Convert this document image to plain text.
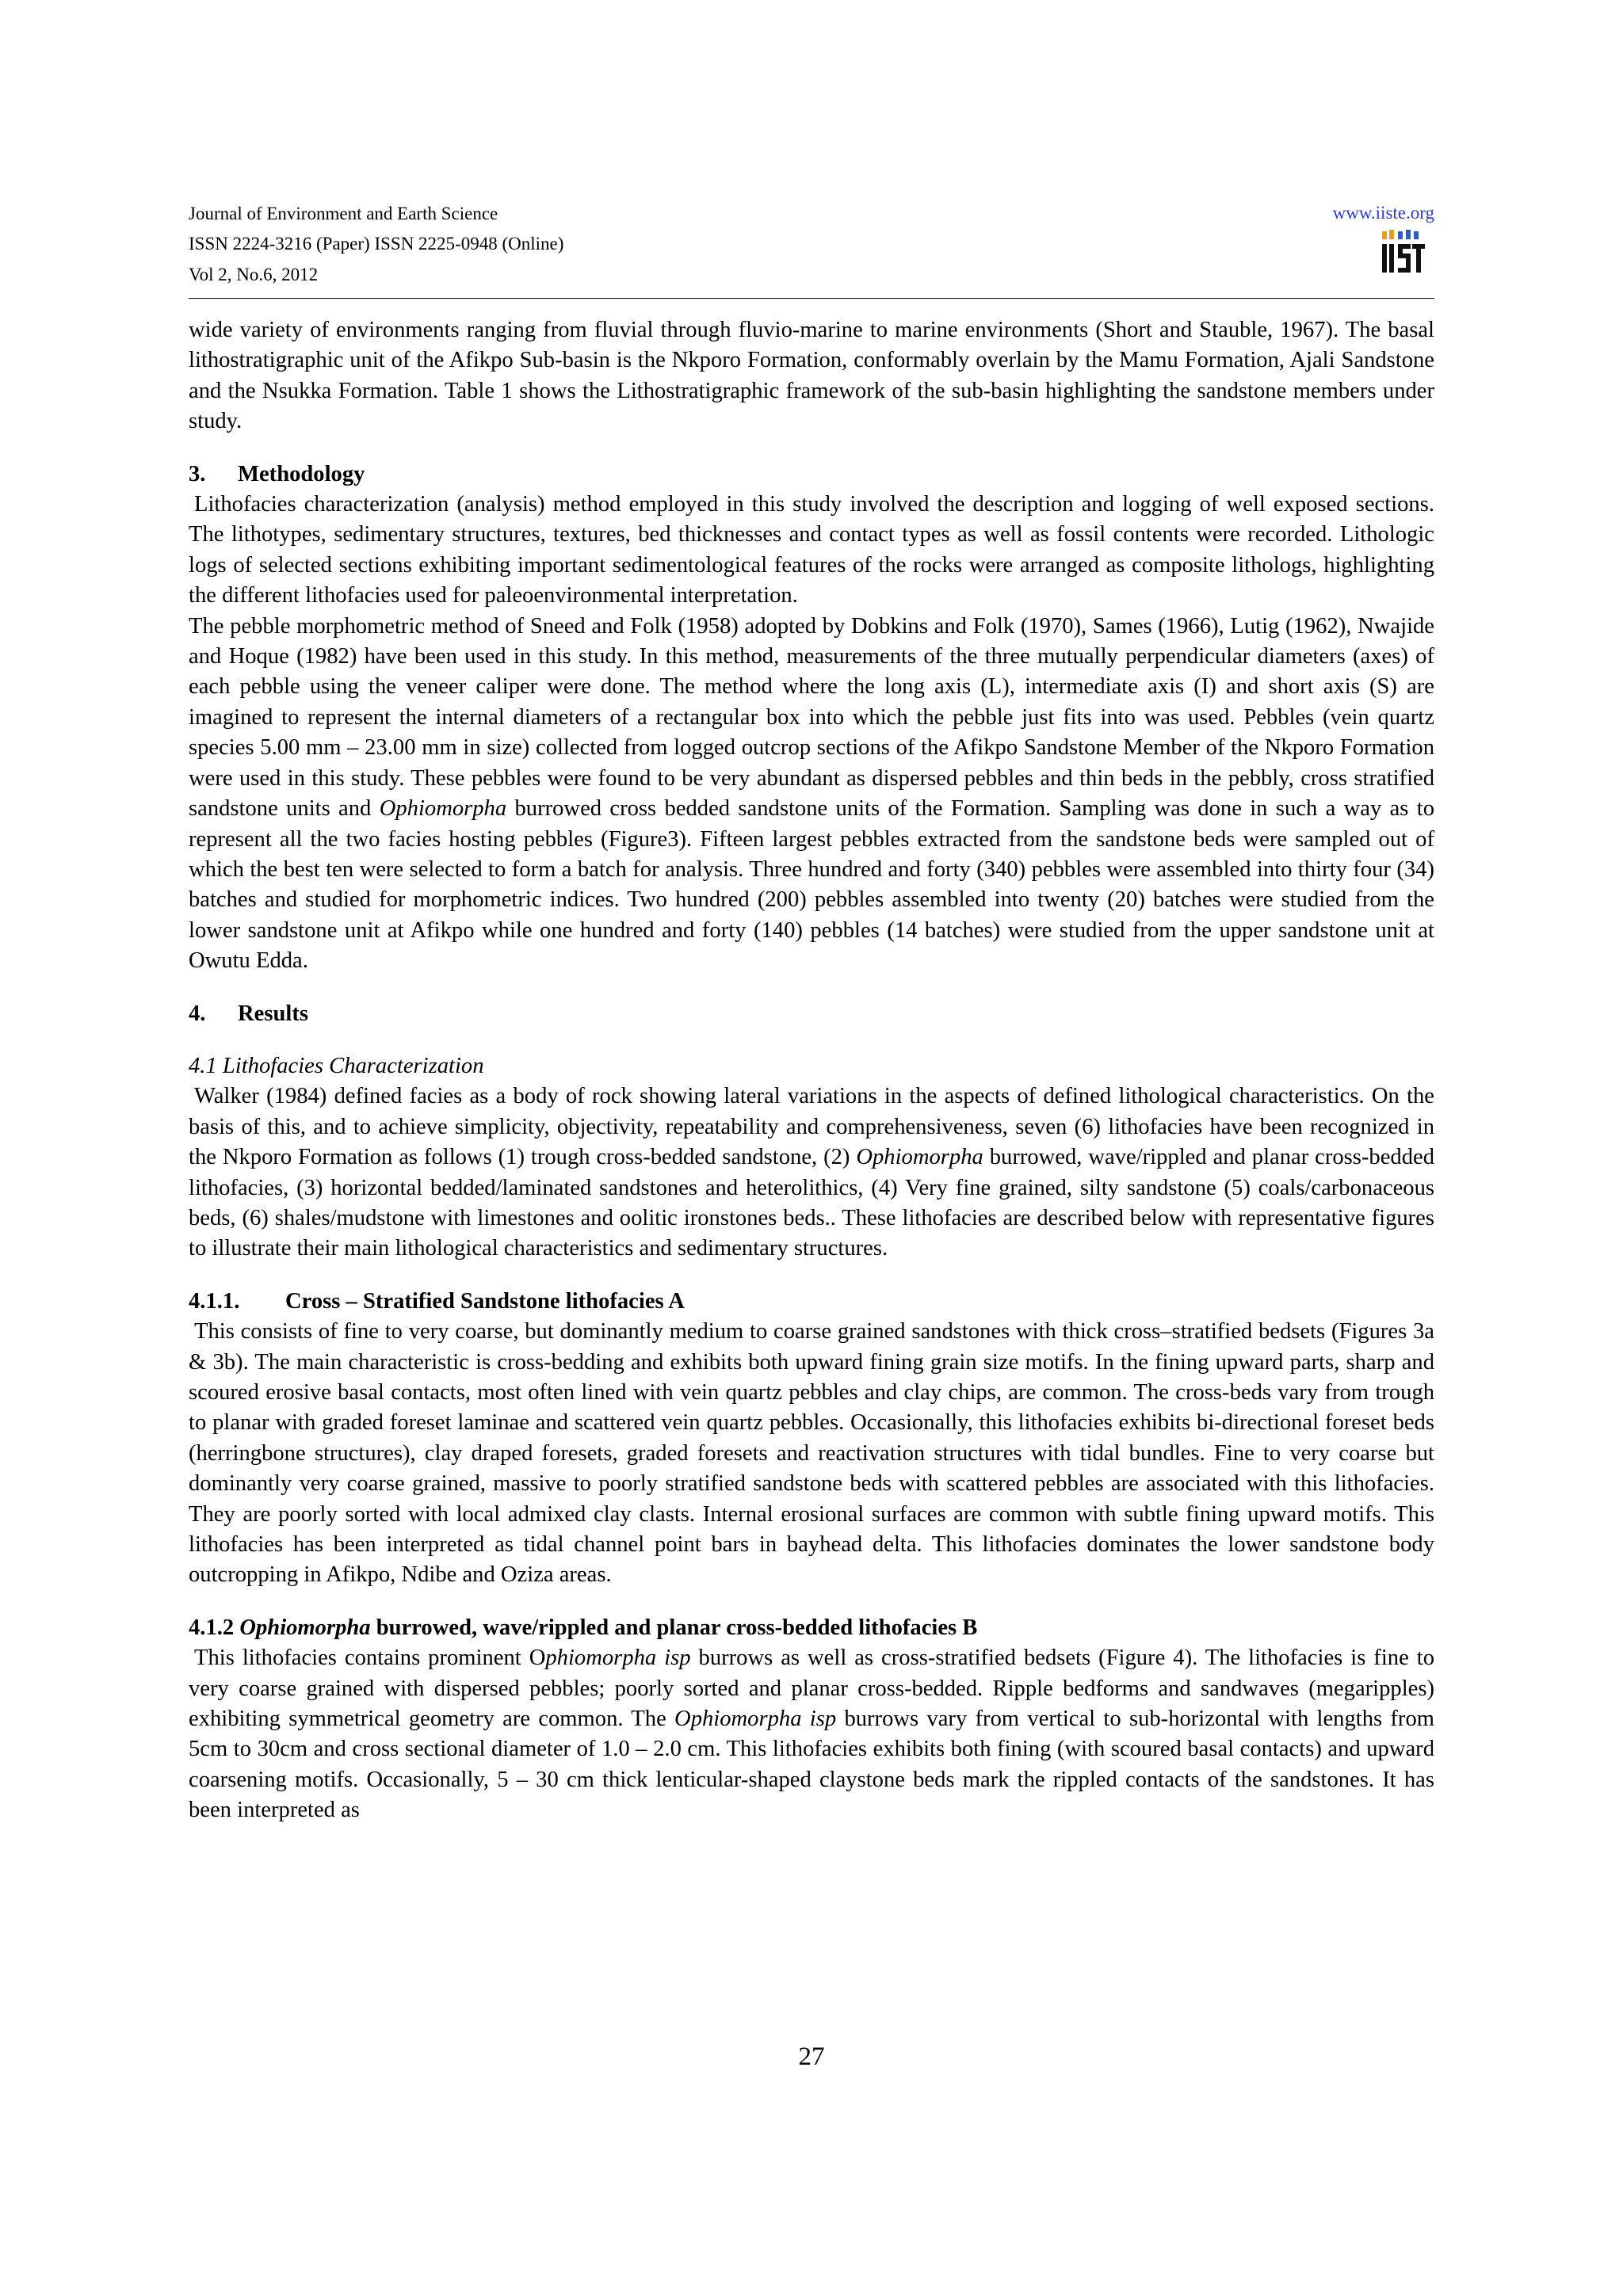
Journal of Environment and Earth Science
ISSN 2224-3216 (Paper) ISSN 2225-0948 (Online)
Vol 2, No.6, 2012
www.iiste.org

wide variety of environments ranging from fluvial through fluvio-marine to marine environments (Short and Stauble, 1967). The basal lithostratigraphic unit of the Afikpo Sub-basin is the Nkporo Formation, conformably overlain by the Mamu Formation, Ajali Sandstone and the Nsukka Formation. Table 1 shows the Lithostratigraphic framework of the sub-basin highlighting the sandstone members under study.

3. Methodology

Lithofacies characterization (analysis) method employed in this study involved the description and logging of well exposed sections. The lithotypes, sedimentary structures, textures, bed thicknesses and contact types as well as fossil contents were recorded. Lithologic logs of selected sections exhibiting important sedimentological features of the rocks were arranged as composite lithologs, highlighting the different lithofacies used for paleoenvironmental interpretation.

The pebble morphometric method of Sneed and Folk (1958) adopted by Dobkins and Folk (1970), Sames (1966), Lutig (1962), Nwajide and Hoque (1982) have been used in this study. In this method, measurements of the three mutually perpendicular diameters (axes) of each pebble using the veneer caliper were done. The method where the long axis (L), intermediate axis (I) and short axis (S) are imagined to represent the internal diameters of a rectangular box into which the pebble just fits into was used. Pebbles (vein quartz species 5.00 mm – 23.00 mm in size) collected from logged outcrop sections of the Afikpo Sandstone Member of the Nkporo Formation were used in this study. These pebbles were found to be very abundant as dispersed pebbles and thin beds in the pebbly, cross stratified sandstone units and Ophiomorpha burrowed cross bedded sandstone units of the Formation. Sampling was done in such a way as to represent all the two facies hosting pebbles (Figure3). Fifteen largest pebbles extracted from the sandstone beds were sampled out of which the best ten were selected to form a batch for analysis. Three hundred and forty (340) pebbles were assembled into thirty four (34) batches and studied for morphometric indices. Two hundred (200) pebbles assembled into twenty (20) batches were studied from the lower sandstone unit at Afikpo while one hundred and forty (140) pebbles (14 batches) were studied from the upper sandstone unit at Owutu Edda.

4. Results

4.1 Lithofacies Characterization

Walker (1984) defined facies as a body of rock showing lateral variations in the aspects of defined lithological characteristics. On the basis of this, and to achieve simplicity, objectivity, repeatability and comprehensiveness, seven (6) lithofacies have been recognized in the Nkporo Formation as follows (1) trough cross-bedded sandstone, (2) Ophiomorpha burrowed, wave/rippled and planar cross-bedded lithofacies, (3) horizontal bedded/laminated sandstones and heterolithics, (4) Very fine grained, silty sandstone (5) coals/carbonaceous beds, (6) shales/mudstone with limestones and oolitic ironstones beds.. These lithofacies are described below with representative figures to illustrate their main lithological characteristics and sedimentary structures.

4.1.1. Cross – Stratified Sandstone lithofacies A

This consists of fine to very coarse, but dominantly medium to coarse grained sandstones with thick cross–stratified bedsets (Figures 3a & 3b). The main characteristic is cross-bedding and exhibits both upward fining grain size motifs. In the fining upward parts, sharp and scoured erosive basal contacts, most often lined with vein quartz pebbles and clay chips, are common. The cross-beds vary from trough to planar with graded foreset laminae and scattered vein quartz pebbles. Occasionally, this lithofacies exhibits bi-directional foreset beds (herringbone structures), clay draped foresets, graded foresets and reactivation structures with tidal bundles. Fine to very coarse but dominantly very coarse grained, massive to poorly stratified sandstone beds with scattered pebbles are associated with this lithofacies. They are poorly sorted with local admixed clay clasts. Internal erosional surfaces are common with subtle fining upward motifs. This lithofacies has been interpreted as tidal channel point bars in bayhead delta. This lithofacies dominates the lower sandstone body outcropping in Afikpo, Ndibe and Oziza areas.

4.1.2 Ophiomorpha burrowed, wave/rippled and planar cross-bedded lithofacies B

This lithofacies contains prominent Ophiomorpha isp burrows as well as cross-stratified bedsets (Figure 4). The lithofacies is fine to very coarse grained with dispersed pebbles; poorly sorted and planar cross-bedded. Ripple bedforms and sandwaves (megaripples) exhibiting symmetrical geometry are common. The Ophiomorpha isp burrows vary from vertical to sub-horizontal with lengths from 5cm to 30cm and cross sectional diameter of 1.0 – 2.0 cm. This lithofacies exhibits both fining (with scoured basal contacts) and upward coarsening motifs. Occasionally, 5 – 30 cm thick lenticular-shaped claystone beds mark the rippled contacts of the sandstones. It has been interpreted as

27
